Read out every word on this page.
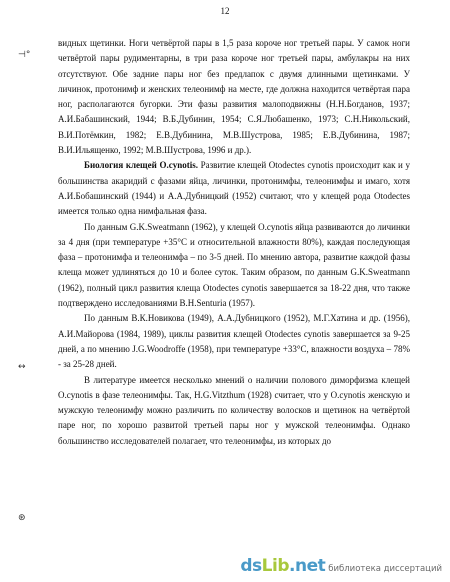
12
⊣°
↔
⊛

видных щетинки. Ноги четвёртой пары в 1,5 раза короче ног третьей пары. У самок ноги четвёртой пары рудиментарны, в три раза короче ног третьей пары, амбулакры на них отсутствуют. Обе задние пары ног без предлапок с двумя длинными щетинками. У личинок, протонимф и женских телеонимф на месте, где должна находится четвёртая пара ног, располагаются бугорки. Эти фазы развития малоподвижны (Н.Н.Богданов, 1937; А.И.Бабашинский, 1944; В.Б.Дубинин, 1954; С.Я.Любашенко, 1973; С.Н.Никольский, В.И.Потёмкин, 1982; Е.В.Дубинина, М.В.Шустрова, 1985; Е.В.Дубинина, 1987; В.И.Ильященко, 1992; М.В.Шустрова, 1996 и др.).

Биология клещей O.cynotis. Развитие клещей Otodectes cynotis происходит как и у большинства акаридий с фазами яйца, личинки, протонимфы, телеонимфы и имаго, хотя А.И.Бобашинский (1944) и А.А.Дубницкий (1952) считают, что у клещей рода Otodectes имеется только одна нимфальная фаза.

По данным G.K.Sweatmann (1962), у клещей O.cynotis яйца развиваются до личинки за 4 дня (при температуре +35°С и относительной влажности 80%), каждая последующая фаза – протонимфа и телеонимфа – по 3-5 дней. По мнению автора, развитие каждой фазы клеща может удлиняться до 10 и более суток. Таким образом, по данным G.K.Sweatmann (1962), полный цикл развития клеща Otodectes cynotis завершается за 18-22 дня, что также подтверждено исследованиями В.Н.Senturia (1957).

По данным В.К.Новикова (1949), А.А.Дубницкого (1952), М.Г.Хатина и др. (1956), А.И.Майорова (1984, 1989), циклы развития клещей Otodectes cynotis завершается за 9-25 дней, а по мнению J.G.Woodroffe (1958), при температуре +33°С, влажности воздуха – 78% - за 25-28 дней.

В литературе имеется несколько мнений о наличии полового диморфизма клещей O.cynotis в фазе телеонимфы. Так, H.G.Vitzthum (1928) считает, что у O.cynotis женскую и мужскую телеонимфу можно различить по количеству волосков и щетинок на четвёртой паре ног, по хорошо развитой третьей пары ног у мужской телеонимфы. Однако большинство исследователей полагает, что телеонимфы, из которых до

dsLib.net библиотека диссертаций
